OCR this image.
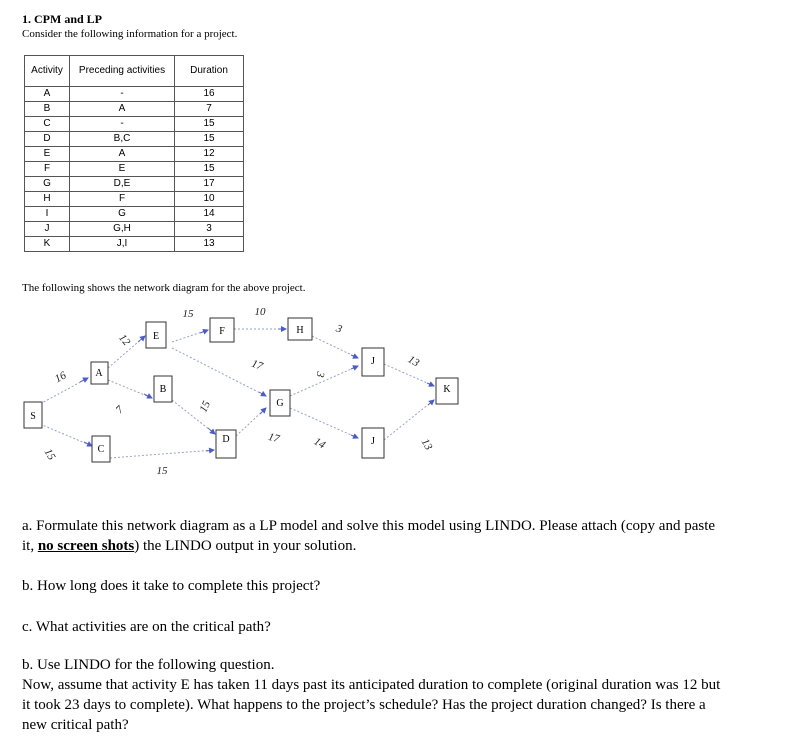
1. CPM and LP
Consider the following information for a project.
Activity	Preceding activities	Duration
A	-	16
B	A	7
C	-	15
D	B,C	15
E	A	12
F	E	15
G	D,E	17
H	F	10
I	G	14
J	G,H	3
K	J,I	13
The following shows the network diagram for the above project.
S
A
C
E
B
D
F
G
H
J
J
K
16
15
12
7
15
15	10
15
17
17
3
14
13
13
3
a. Formulate this network diagram as a LP model and solve this model using LINDO. Please attach (copy and paste it, no screen shots) the LINDO output in your solution.
b. How long does it take to complete this project?
c. What activities are on the critical path?
b. Use LINDO for the following question.
Now, assume that activity E has taken 11 days past its anticipated duration to complete (original duration was 12 but it took 23 days to complete). What happens to the project’s schedule? Has the project duration changed? Is there a new critical path?
